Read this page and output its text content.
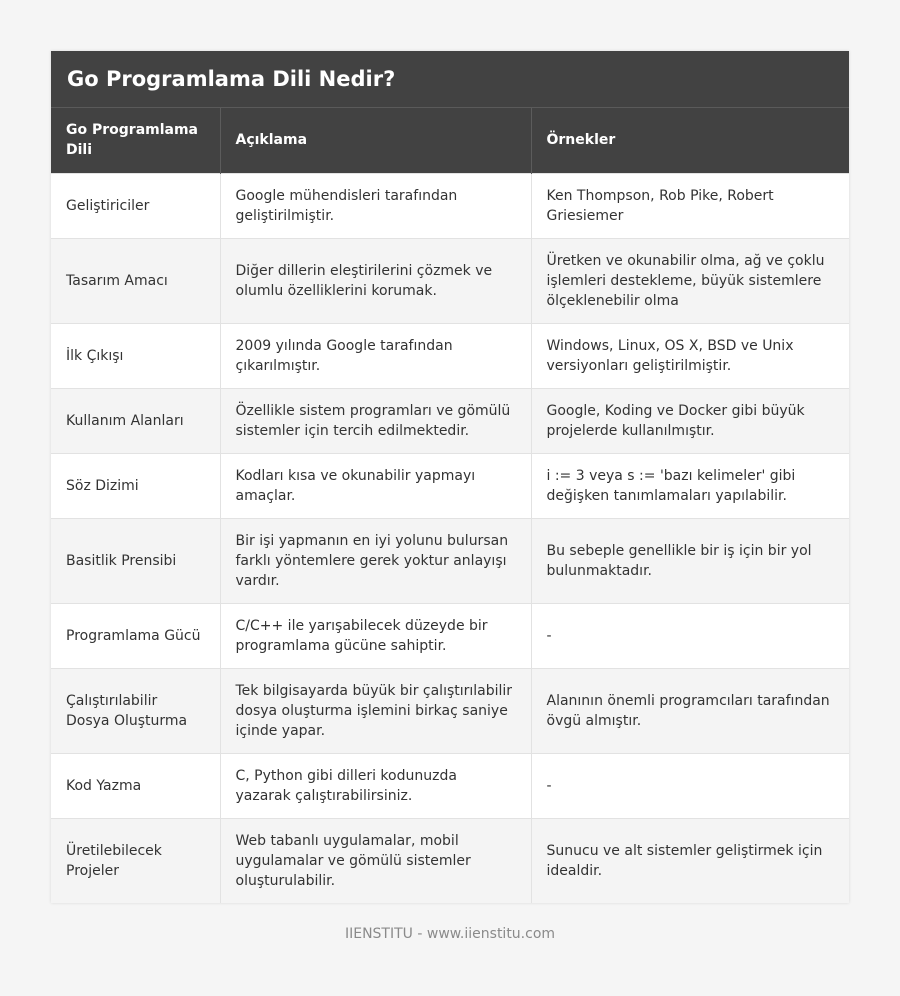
Go Programlama Dili Nedir?
Go Programlama Dili	Açıklama	Örnekler
Geliştiriciler	Google mühendisleri tarafından geliştirilmiştir.	Ken Thompson, Rob Pike, Robert Griesiemer
Tasarım Amacı	Diğer dillerin eleştirilerini çözmek ve olumlu özelliklerini korumak.	Üretken ve okunabilir olma, ağ ve çoklu işlemleri destekleme, büyük sistemlere ölçeklenebilir olma
İlk Çıkışı	2009 yılında Google tarafından çıkarılmıştır.	Windows, Linux, OS X, BSD ve Unix versiyonları geliştirilmiştir.
Kullanım Alanları	Özellikle sistem programları ve gömülü sistemler için tercih edilmektedir.	Google, Koding ve Docker gibi büyük projelerde kullanılmıştır.
Söz Dizimi	Kodları kısa ve okunabilir yapmayı amaçlar.	i := 3 veya s := 'bazı kelimeler' gibi değişken tanımlamaları yapılabilir.
Basitlik Prensibi	Bir işi yapmanın en iyi yolunu bulursan farklı yöntemlere gerek yoktur anlayışı vardır.	Bu sebeple genellikle bir iş için bir yol bulunmaktadır.
Programlama Gücü	C/C++ ile yarışabilecek düzeyde bir programlama gücüne sahiptir.	-
Çalıştırılabilir Dosya Oluşturma	Tek bilgisayarda büyük bir çalıştırılabilir dosya oluşturma işlemini birkaç saniye içinde yapar.	Alanının önemli programcıları tarafından övgü almıştır.
Kod Yazma	C, Python gibi dilleri kodunuzda yazarak çalıştırabilirsiniz.	-
Üretilebilecek Projeler	Web tabanlı uygulamalar, mobil uygulamalar ve gömülü sistemler oluşturulabilir.	Sunucu ve alt sistemler geliştirmek için idealdir.
IIENSTITU - www.iienstitu.com
